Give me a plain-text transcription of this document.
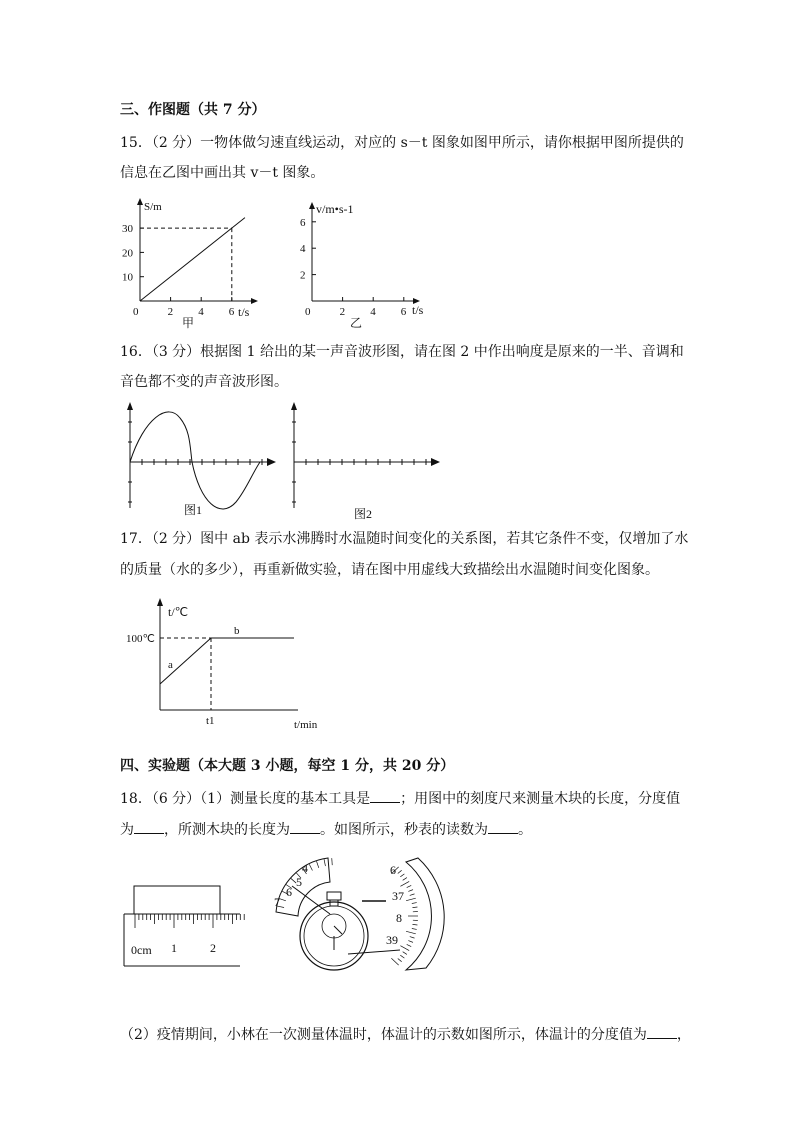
三、作图题（共 7 分）
15．（2 分）一物体做匀速直线运动，对应的 s－t 图象如图甲所示，请你根据甲图所提供的
信息在乙图中画出其 v－t 图象。
10
20
30
0	2 4 6
S/m
t/s
甲
2
4
6
0	2 4 6
v/m•s-1
t/s
乙
16．（3 分）根据图 1 给出的某一声音波形图，请在图 2 中作出响度是原来的一半、音调和
音色都不变的声音波形图。
图1	图2
17．（2 分）图中 ab 表示水沸腾时水温随时间变化的关系图，若其它条件不变，仅增加了水
的质量（水的多少），再重新做实验，请在图中用虚线大致描绘出水温随时间变化图象。
t/℃
100℃
a
b
t1	t/min
四、实验题（本大题 3 小题，每空 1 分，共 20 分）
18．（6 分）（1）测量长度的基本工具是 ；用图中的刻度尺来测量木块的长度，分度值
为 ，所测木块的长度为 。如图所示，秒表的读数为 。
0cm 1	2
4
5
6
7
6
37
8
39
（2）疫情期间，小林在一次测量体温时，体温计的示数如图所示，体温计的分度值为 ，
